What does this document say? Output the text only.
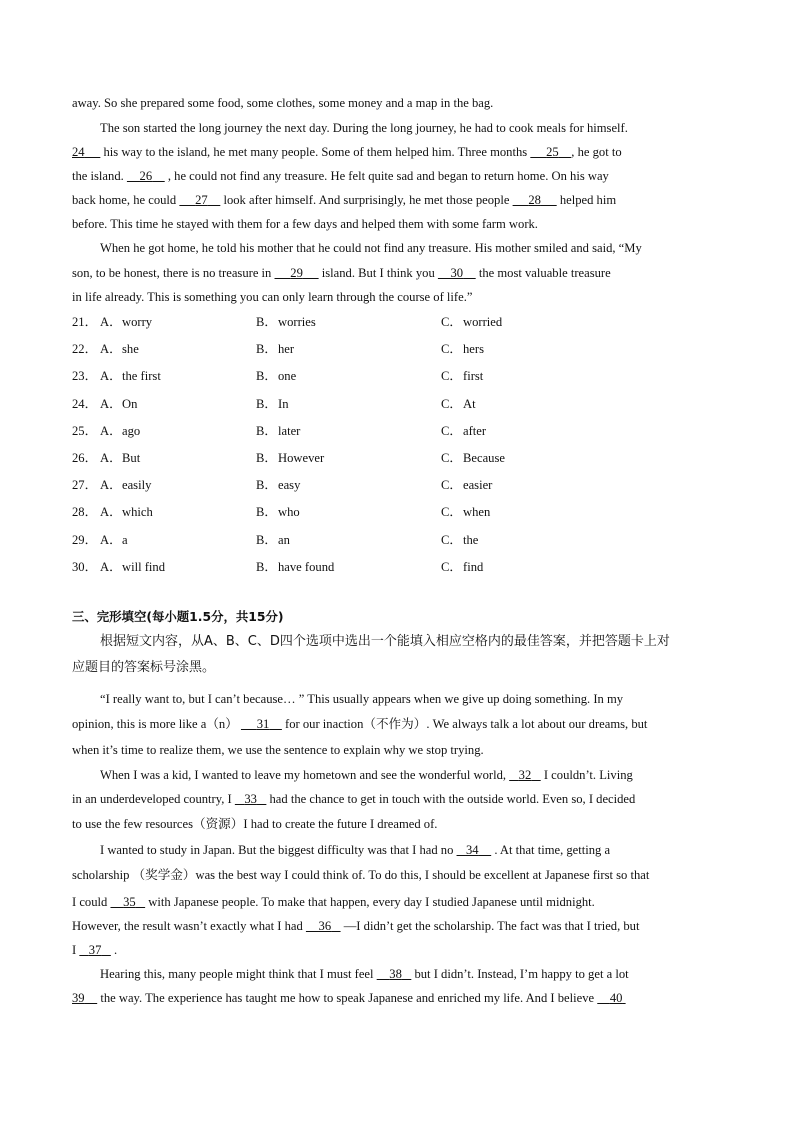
away. So she prepared some food, some clothes, some money and a map in the bag.

The son started the long journey the next day. During the long journey, he had to cook meals for himself.

24      his way to the island, he met many people. Some of them helped him. Three months      25 , he got to

the island.     26     , he could not find any treasure. He felt quite sad and began to return home. On his way

back home, he could      27     look after himself. And surprisingly, he met those people      28      helped him

before. This time he stayed with them for a few days and helped them with some farm work.

When he got home, he told his mother that he could not find any treasure. His mother smiled and said, “My

son, to be honest, there is no treasure in      29      island. But I think you     30     the most valuable treasure

in life already. This is something you can only learn through the course of life.”

21． A．worry	B．worries	C．worried
22． A．she	B．her	C．hers
23． A．the first	B．one	C．first
24． A．On	B．In	C．At
25． A．ago	B．later	C．after
26． A．But	B．However	C．Because
27． A．easily	B．easy	C．easier
28． A．which	B．who	C．when
29． A．a	B．an	C．the
30． A．will find	B．have found	C．find

三、完形填空(每小题1.5分，共15分)

根据短文内容，从A、B、C、D四个选项中选出一个能填入相应空格内的最佳答案，并把答题卡上对

应题目的答案标号涂黑。

“I really want to, but I can’t because… ” This usually appears when we give up doing something. In my

opinion, this is more like a（n）      31     for our inaction（不作为）. We always talk a lot about our dreams, but

when it’s time to realize them, we use the sentence to explain why we stop trying.

When I was a kid, I wanted to leave my hometown and see the wonderful world,    32    I couldn’t. Living

in an underdeveloped country, I    33    had the chance to get in touch with the outside world. Even so, I decided

to use the few resources（资源）I had to create the future I dreamed of.

I wanted to study in Japan. But the biggest difficulty was that I had no    34     . At that time, getting a

scholarship （奖学金）was the best way I could think of. To do this, I should be excellent at Japanese first so that

I could     35    with Japanese people. To make that happen, every day I studied Japanese until midnight.

However, the result wasn’t exactly what I had     36    —I didn’t get the scholarship. The fact was that I tried, but

I    37    .

Hearing this, many people might think that I must feel     38    but I didn’t. Instead, I’m happy to get a lot

39     the way. The experience has taught me how to speak Japanese and enriched my life. And I believe     40
